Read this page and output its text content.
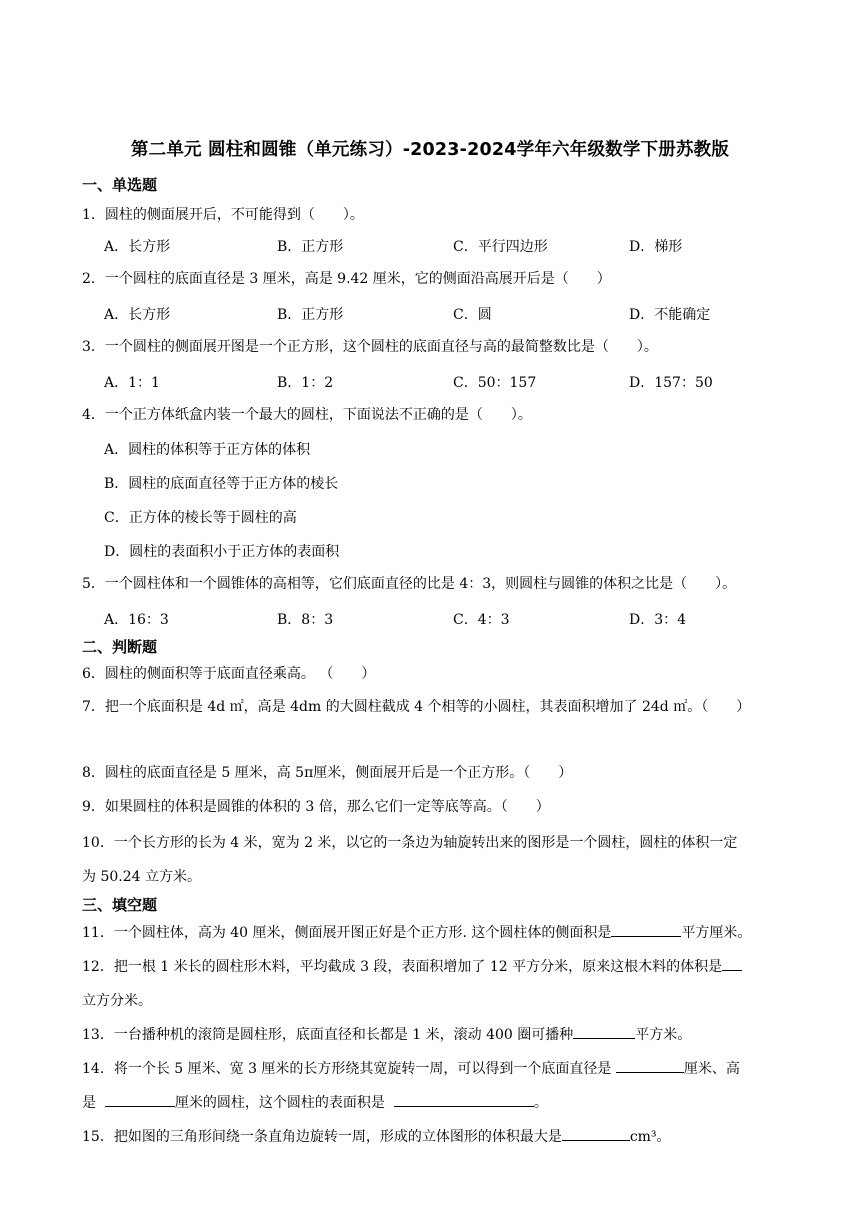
第二单元 圆柱和圆锥（单元练习）-2023-2024学年六年级数学下册苏教版
一、单选题
1．圆柱的侧面展开后，不可能得到（　　）。
A．长方形	B．正方形	C．平行四边形	D．梯形
2．一个圆柱的底面直径是 3 厘米，高是 9.42 厘米，它的侧面沿高展开后是（　　）
A．长方形	B．正方形	C．圆	D．不能确定
3．一个圆柱的侧面展开图是一个正方形，这个圆柱的底面直径与高的最简整数比是（　　）。
A．1：1	B．1：2	C．50：157	D．157：50
4．一个正方体纸盒内装一个最大的圆柱，下面说法不正确的是（　　）。
A．圆柱的体积等于正方体的体积
B．圆柱的底面直径等于正方体的棱长
C．正方体的棱长等于圆柱的高
D．圆柱的表面积小于正方体的表面积
5．一个圆柱体和一个圆锥体的高相等，它们底面直径的比是 4：3，则圆柱与圆锥的体积之比是（　　）。
A．16：3	B．8：3	C．4：3	D．3：4
二、判断题
6．圆柱的侧面积等于底面直径乘高。 （　　）
7．把一个底面积是 4d ㎡，高是 4dm 的大圆柱截成 4 个相等的小圆柱，其表面积增加了 24d ㎡。（　　）
8．圆柱的底面直径是 5 厘米，高 5π厘米，侧面展开后是一个正方形。（　　）
9．如果圆柱的体积是圆锥的体积的 3 倍，那么它们一定等底等高。（　　）
10．一个长方形的长为 4 米，宽为 2 米，以它的一条边为轴旋转出来的图形是一个圆柱，圆柱的体积一定
为 50.24 立方米。
三、填空题
11．一个圆柱体，高为 40 厘米，侧面展开图正好是个正方形. 这个圆柱体的侧面积是	平方厘米。
12．把一根 1 米长的圆柱形木料，平均截成 3 段，表面积增加了 12 平方分米，原来这根木料的体积是
立方分米。
13．一台播种机的滚筒是圆柱形，底面直径和长都是 1 米，滚动 400 圈可播种	平方米。
14．将一个长 5 厘米、宽 3 厘米的长方形绕其宽旋转一周，可以得到一个底面直径是	厘米、高
是	厘米的圆柱，这个圆柱的表面积是	。
15．把如图的三角形间绕一条直角边旋转一周，形成的立体图形的体积最大是	cm³。
